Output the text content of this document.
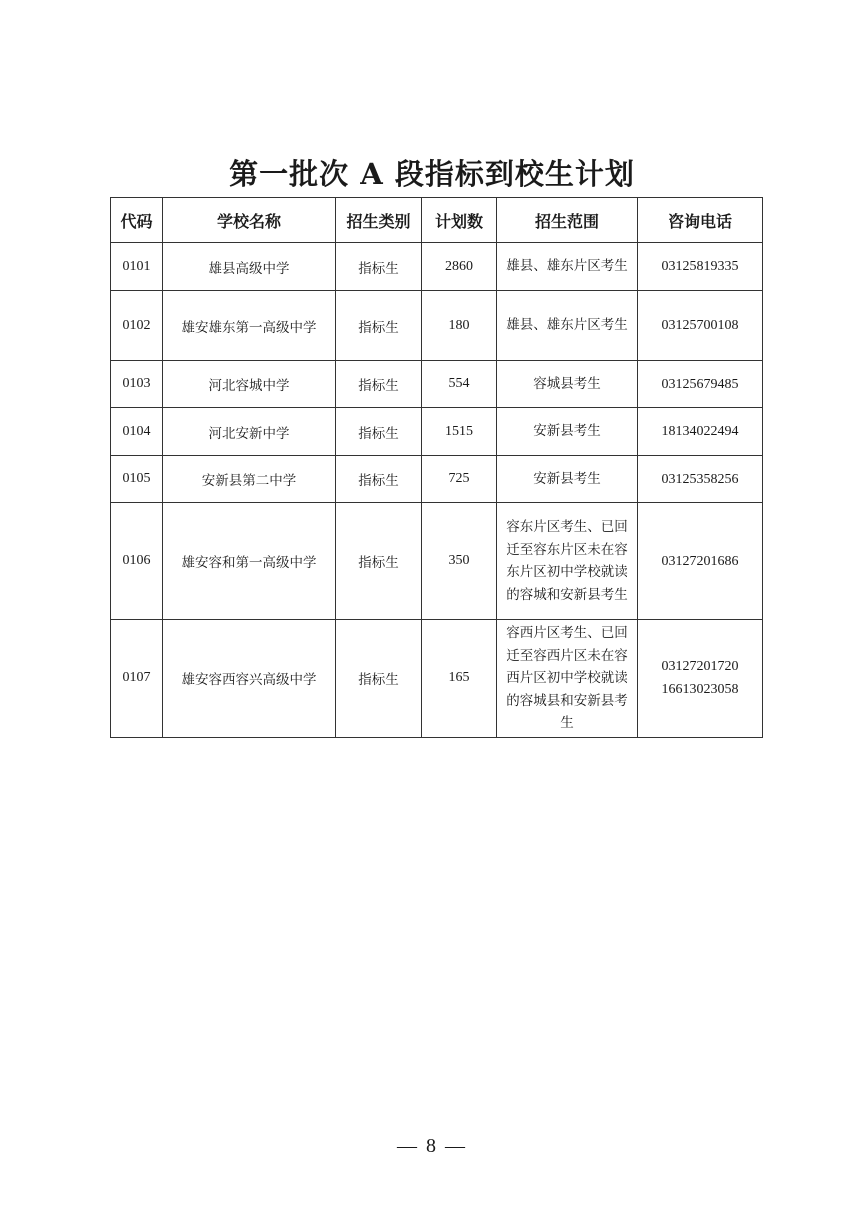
第一批次 A 段指标到校生计划
代码	学校名称	招生类别	计划数	招生范围	咨询电话
0101	雄县高级中学	指标生	2860	雄县、雄东片区考生	03125819335

0102	雄安雄东第一高级中学	指标生	180	雄县、雄东片区考生	03125700108

0103	河北容城中学	指标生	554	容城县考生	03125679485

0104	河北安新中学	指标生	1515	安新县考生	18134022494

0105	安新县第二中学	指标生	725	安新县考生	03125358256

0106	雄安容和第一高级中学	指标生	350	容东片区考生、已回迁至容东片区未在容东片区初中学校就读的容城和安新县考生	03127201686

0107	雄安容西容兴高级中学	指标生	165	容西片区考生、已回迁至容西片区未在容西片区初中学校就读的容城县和安新县考生	03127201720
16613023058
— 8 —
